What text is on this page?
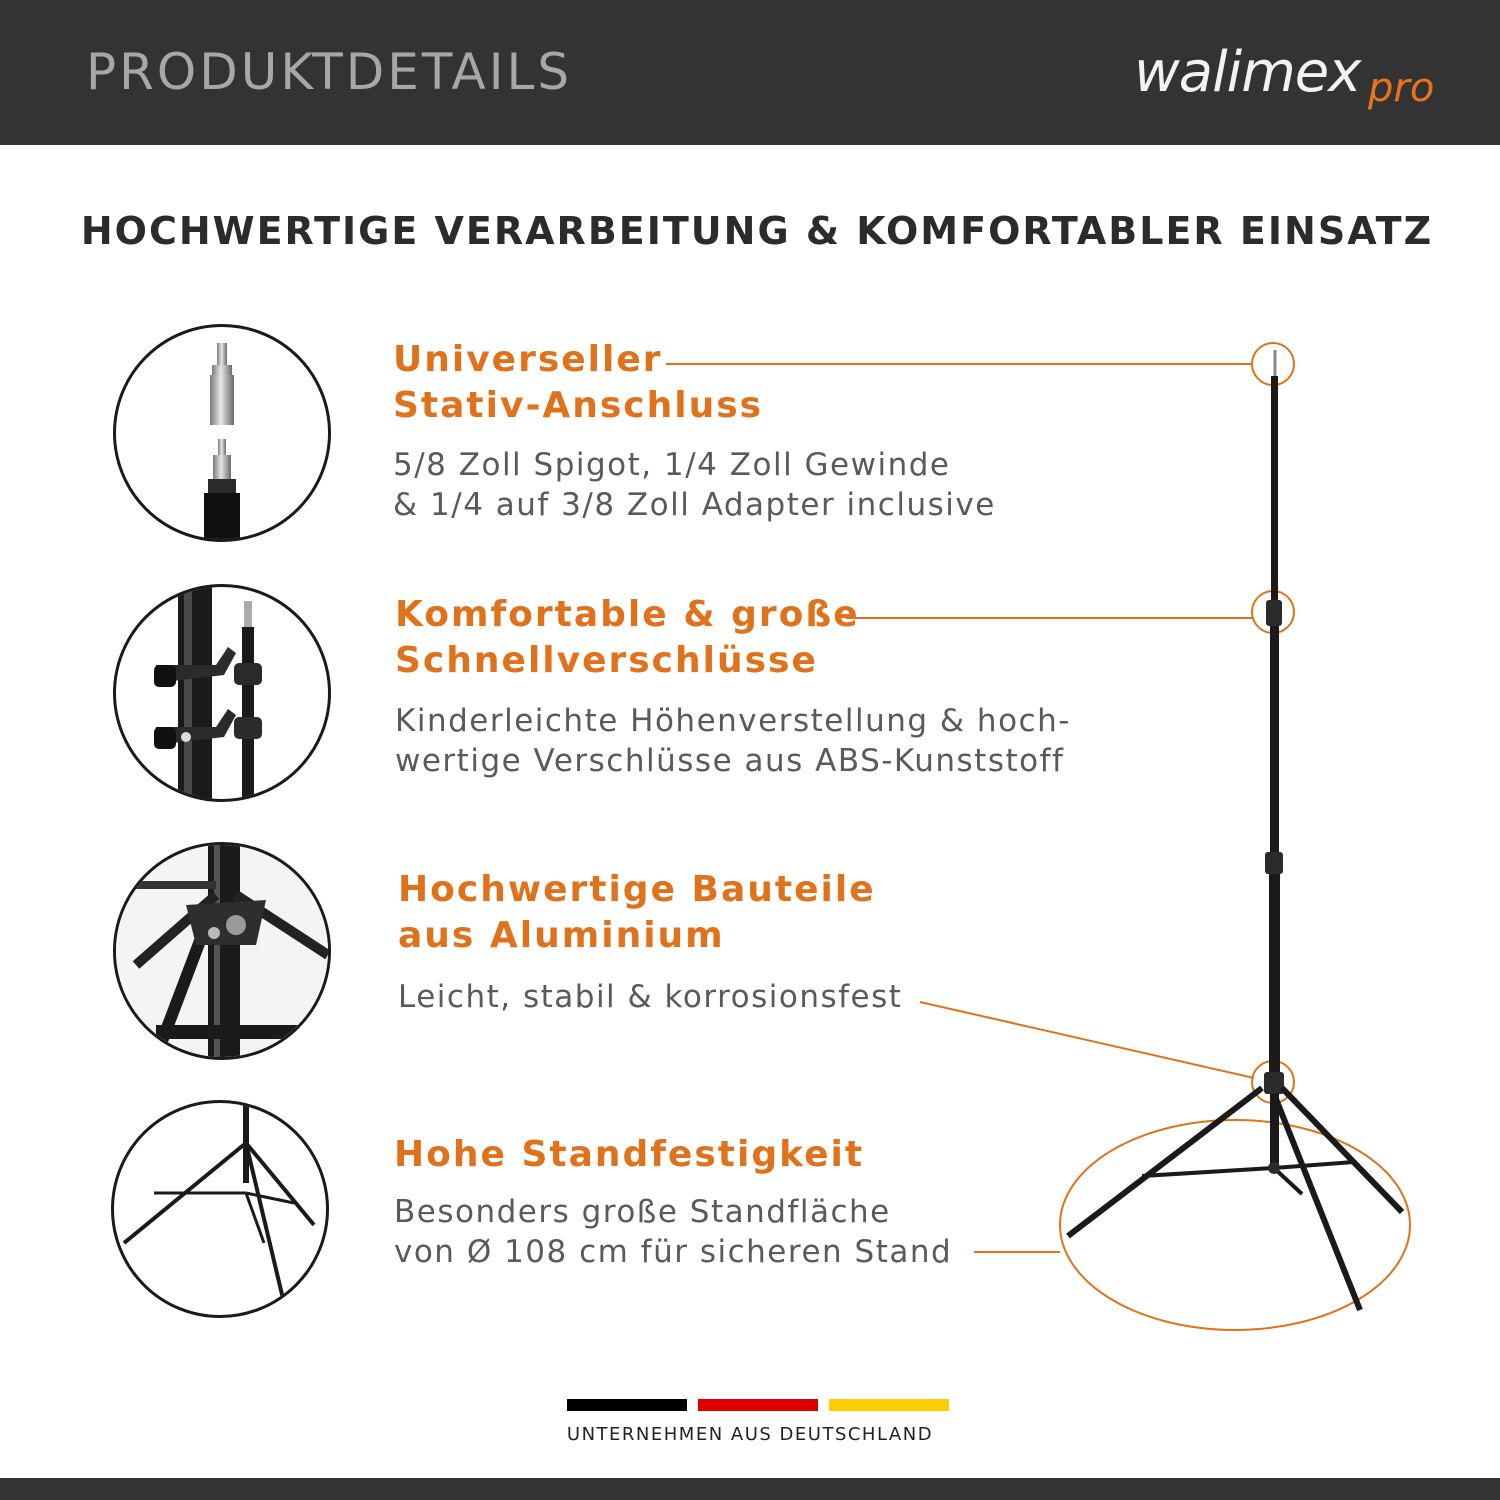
PRODUKTDETAILS	walimex pro
HOCHWERTIGE VERARBEITUNG & KOMFORTABLER EINSATZ
Universeller
Stativ-Anschluss
5/8 Zoll Spigot, 1/4 Zoll Gewinde
& 1/4 auf 3/8 Zoll Adapter inclusive
Komfortable & große
Schnellverschlüsse
Kinderleichte Höhenverstellung & hoch-
wertige Verschlüsse aus ABS-Kunststoff
Hochwertige Bauteile
aus Aluminium
Leicht, stabil & korrosionsfest
Hohe Standfestigkeit
Besonders große Standfläche
von Ø 108 cm für sicheren Stand
UNTERNEHMEN AUS DEUTSCHLAND
